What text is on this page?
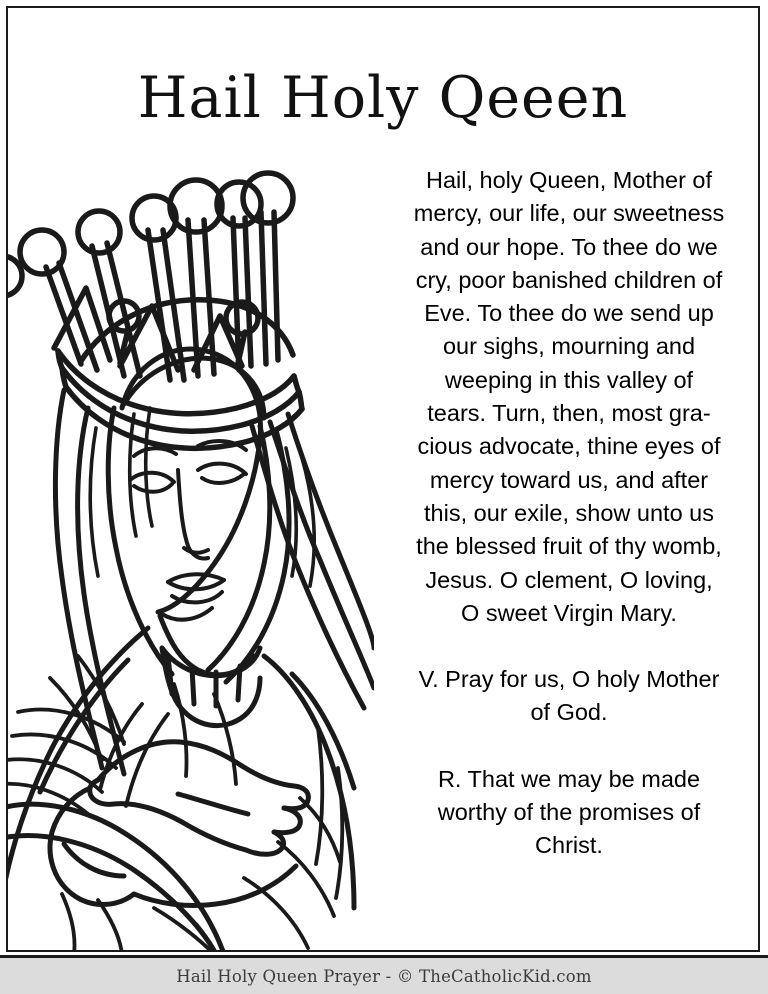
Hail Holy Qeeen
Hail, holy Queen, Mother of
mercy, our life, our sweetness
and our hope. To thee do we
cry, poor banished children of
Eve. To thee do we send up
our sighs, mourning and
weeping in this valley of
tears. Turn, then, most gra-
cious advocate, thine eyes of
mercy toward us, and after
this, our exile, show unto us
the blessed fruit of thy womb,
Jesus. O clement, O loving,
O sweet Virgin Mary.
V. Pray for us, O holy Mother
of God.
R. That we may be made
worthy of the promises of
Christ.
Hail Holy Queen Prayer - © TheCatholicKid.com
